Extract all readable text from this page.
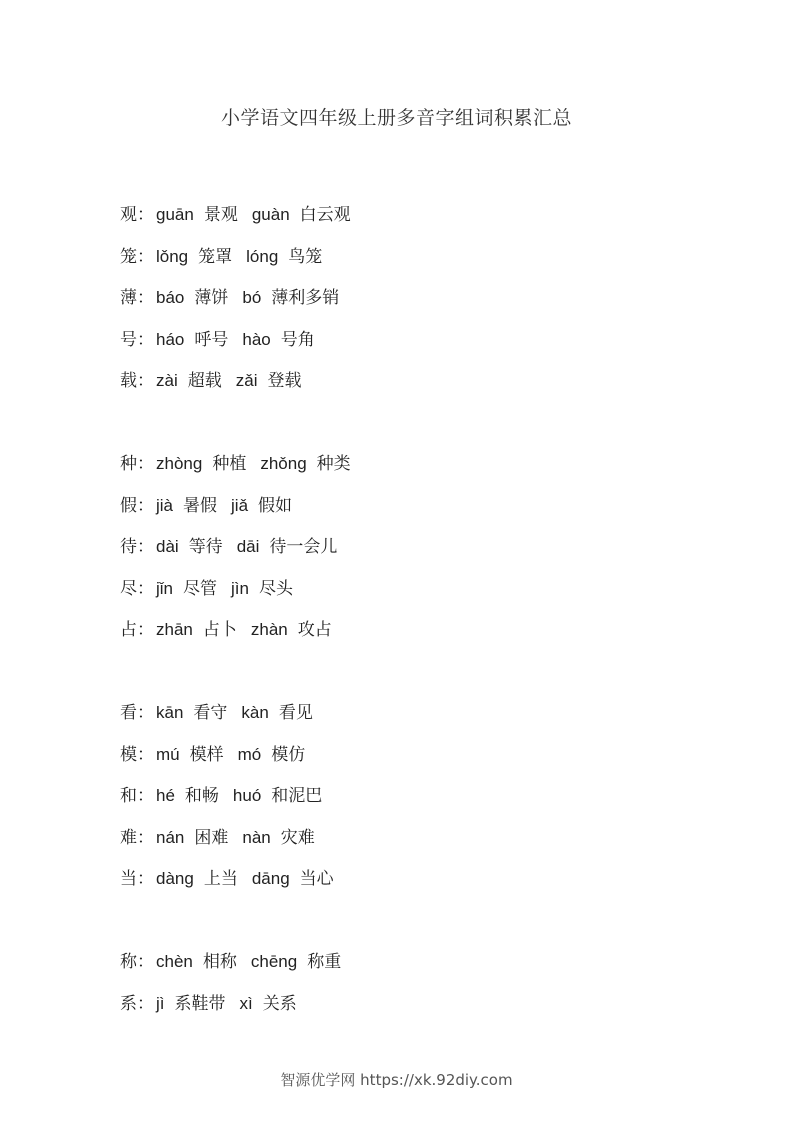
小学语文四年级上册多音字组词积累汇总
观： guān 景观 guàn 白云观
笼： lǒng 笼罩 lóng 鸟笼
薄： báo 薄饼 bó 薄利多销
号： háo 呼号 hào 号角
载： zài 超载 zǎi 登载
种： zhòng 种植 zhǒng 种类
假： jià 暑假 jiǎ 假如
待： dài 等待 dāi 待一会儿
尽： jǐn 尽管 jìn 尽头
占： zhān 占卜 zhàn 攻占
看： kān 看守 kàn 看见
模： mú 模样 mó 模仿
和： hé 和畅 huó 和泥巴
难： nán 困难 nàn 灾难
当： dàng 上当 dāng 当心
称： chèn 相称 chēng 称重
系： jì 系鞋带 xì 关系
智源优学网 https://xk.92diy.com
